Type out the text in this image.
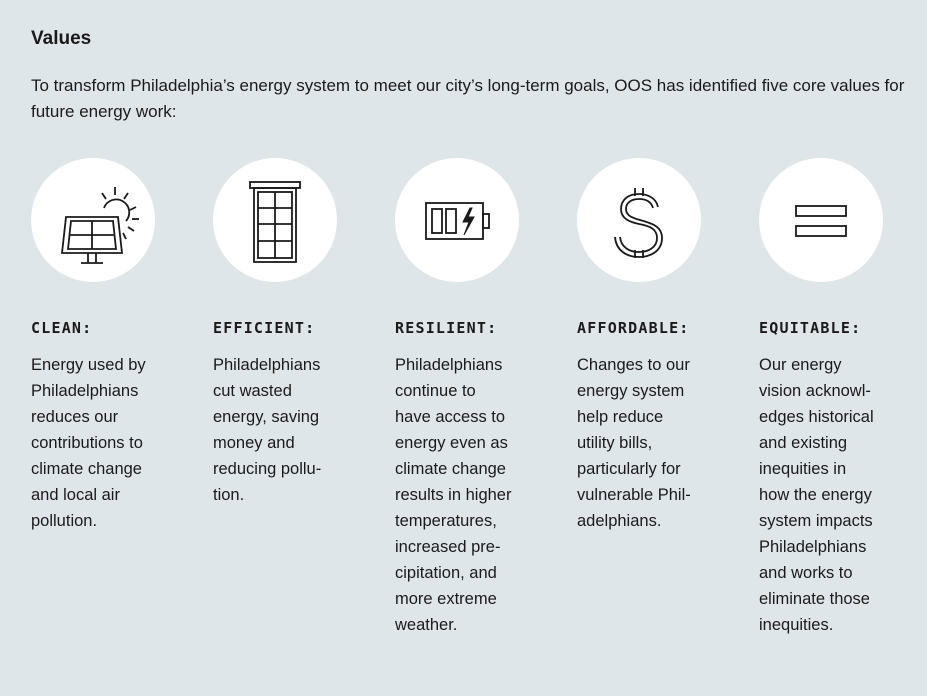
Values

To transform Philadelphia’s energy system to meet our city’s long-term goals, OOS has identified five core values for future energy work:

CLEAN:
Energy used by
Philadelphians
reduces our
contributions to
climate change
and local air
pollution.
EFFICIENT:
Philadelphians
cut wasted
energy, saving
money and
reducing pollu-
tion.
RESILIENT:
Philadelphians
continue to
have access to
energy even as
climate change
results in higher
temperatures,
increased pre-
cipitation, and
more extreme
weather.
AFFORDABLE:
Changes to our
energy system
help reduce
utility bills,
particularly for
vulnerable Phil-
adelphians.
EQUITABLE:
Our energy
vision acknowl-
edges historical
and existing
inequities in
how the energy
system impacts
Philadelphians
and works to
eliminate those
inequities.
